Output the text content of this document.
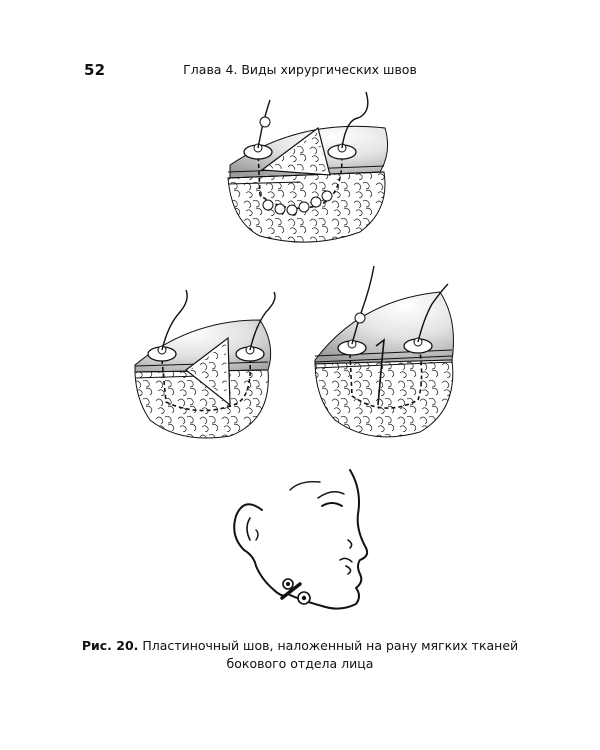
52	Глава 4. Виды хирургических швов
Рис. 20. Пластиночный шов, наложенный на рану мягких тканей
бокового отдела лица
